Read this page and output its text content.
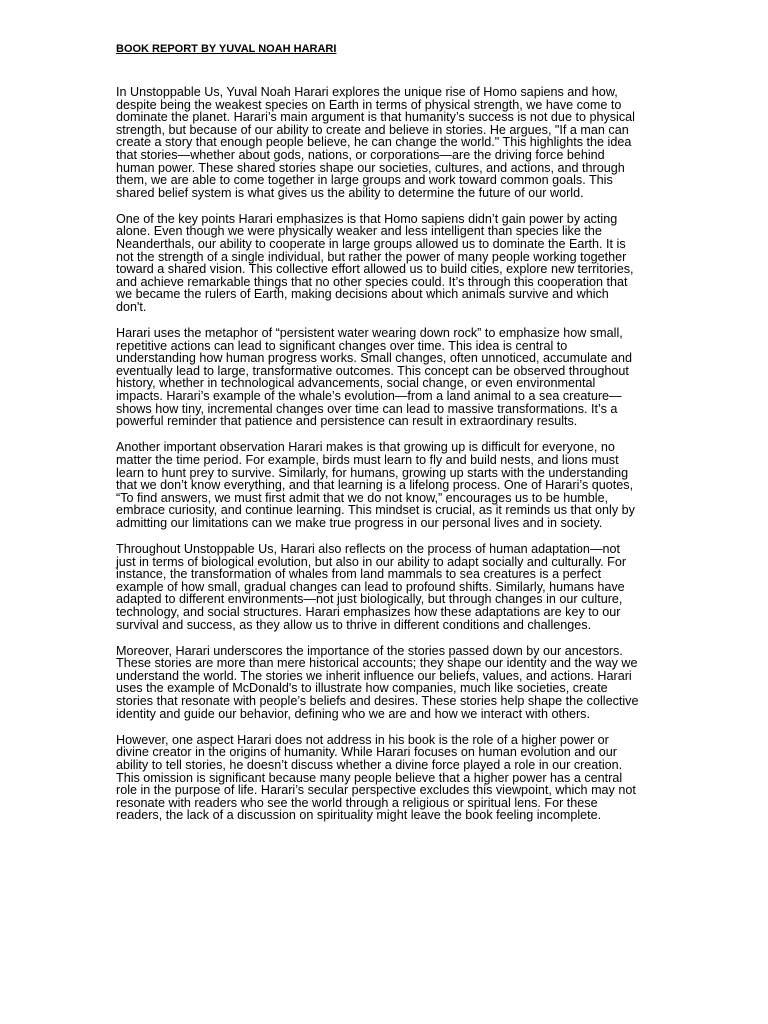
BOOK REPORT BY YUVAL NOAH HARARI

In Unstoppable Us, Yuval Noah Harari explores the unique rise of Homo sapiens and how,
despite being the weakest species on Earth in terms of physical strength, we have come to
dominate the planet. Harari’s main argument is that humanity’s success is not due to physical
strength, but because of our ability to create and believe in stories. He argues, "If a man can
create a story that enough people believe, he can change the world." This highlights the idea
that stories—whether about gods, nations, or corporations—are the driving force behind
human power. These shared stories shape our societies, cultures, and actions, and through
them, we are able to come together in large groups and work toward common goals. This
shared belief system is what gives us the ability to determine the future of our world.

One of the key points Harari emphasizes is that Homo sapiens didn’t gain power by acting
alone. Even though we were physically weaker and less intelligent than species like the
Neanderthals, our ability to cooperate in large groups allowed us to dominate the Earth. It is
not the strength of a single individual, but rather the power of many people working together
toward a shared vision. This collective effort allowed us to build cities, explore new territories,
and achieve remarkable things that no other species could. It’s through this cooperation that
we became the rulers of Earth, making decisions about which animals survive and which
don't.

Harari uses the metaphor of “persistent water wearing down rock” to emphasize how small,
repetitive actions can lead to significant changes over time. This idea is central to
understanding how human progress works. Small changes, often unnoticed, accumulate and
eventually lead to large, transformative outcomes. This concept can be observed throughout
history, whether in technological advancements, social change, or even environmental
impacts. Harari’s example of the whale’s evolution—from a land animal to a sea creature—
shows how tiny, incremental changes over time can lead to massive transformations. It’s a
powerful reminder that patience and persistence can result in extraordinary results.

Another important observation Harari makes is that growing up is difficult for everyone, no
matter the time period. For example, birds must learn to fly and build nests, and lions must
learn to hunt prey to survive. Similarly, for humans, growing up starts with the understanding
that we don’t know everything, and that learning is a lifelong process. One of Harari’s quotes,
“To find answers, we must first admit that we do not know,” encourages us to be humble,
embrace curiosity, and continue learning. This mindset is crucial, as it reminds us that only by
admitting our limitations can we make true progress in our personal lives and in society.

Throughout Unstoppable Us, Harari also reflects on the process of human adaptation—not
just in terms of biological evolution, but also in our ability to adapt socially and culturally. For
instance, the transformation of whales from land mammals to sea creatures is a perfect
example of how small, gradual changes can lead to profound shifts. Similarly, humans have
adapted to different environments—not just biologically, but through changes in our culture,
technology, and social structures. Harari emphasizes how these adaptations are key to our
survival and success, as they allow us to thrive in different conditions and challenges.

Moreover, Harari underscores the importance of the stories passed down by our ancestors.
These stories are more than mere historical accounts; they shape our identity and the way we
understand the world. The stories we inherit influence our beliefs, values, and actions. Harari
uses the example of McDonald's to illustrate how companies, much like societies, create
stories that resonate with people’s beliefs and desires. These stories help shape the collective
identity and guide our behavior, defining who we are and how we interact with others.

However, one aspect Harari does not address in his book is the role of a higher power or
divine creator in the origins of humanity. While Harari focuses on human evolution and our
ability to tell stories, he doesn’t discuss whether a divine force played a role in our creation.
This omission is significant because many people believe that a higher power has a central
role in the purpose of life. Harari’s secular perspective excludes this viewpoint, which may not
resonate with readers who see the world through a religious or spiritual lens. For these
readers, the lack of a discussion on spirituality might leave the book feeling incomplete.
